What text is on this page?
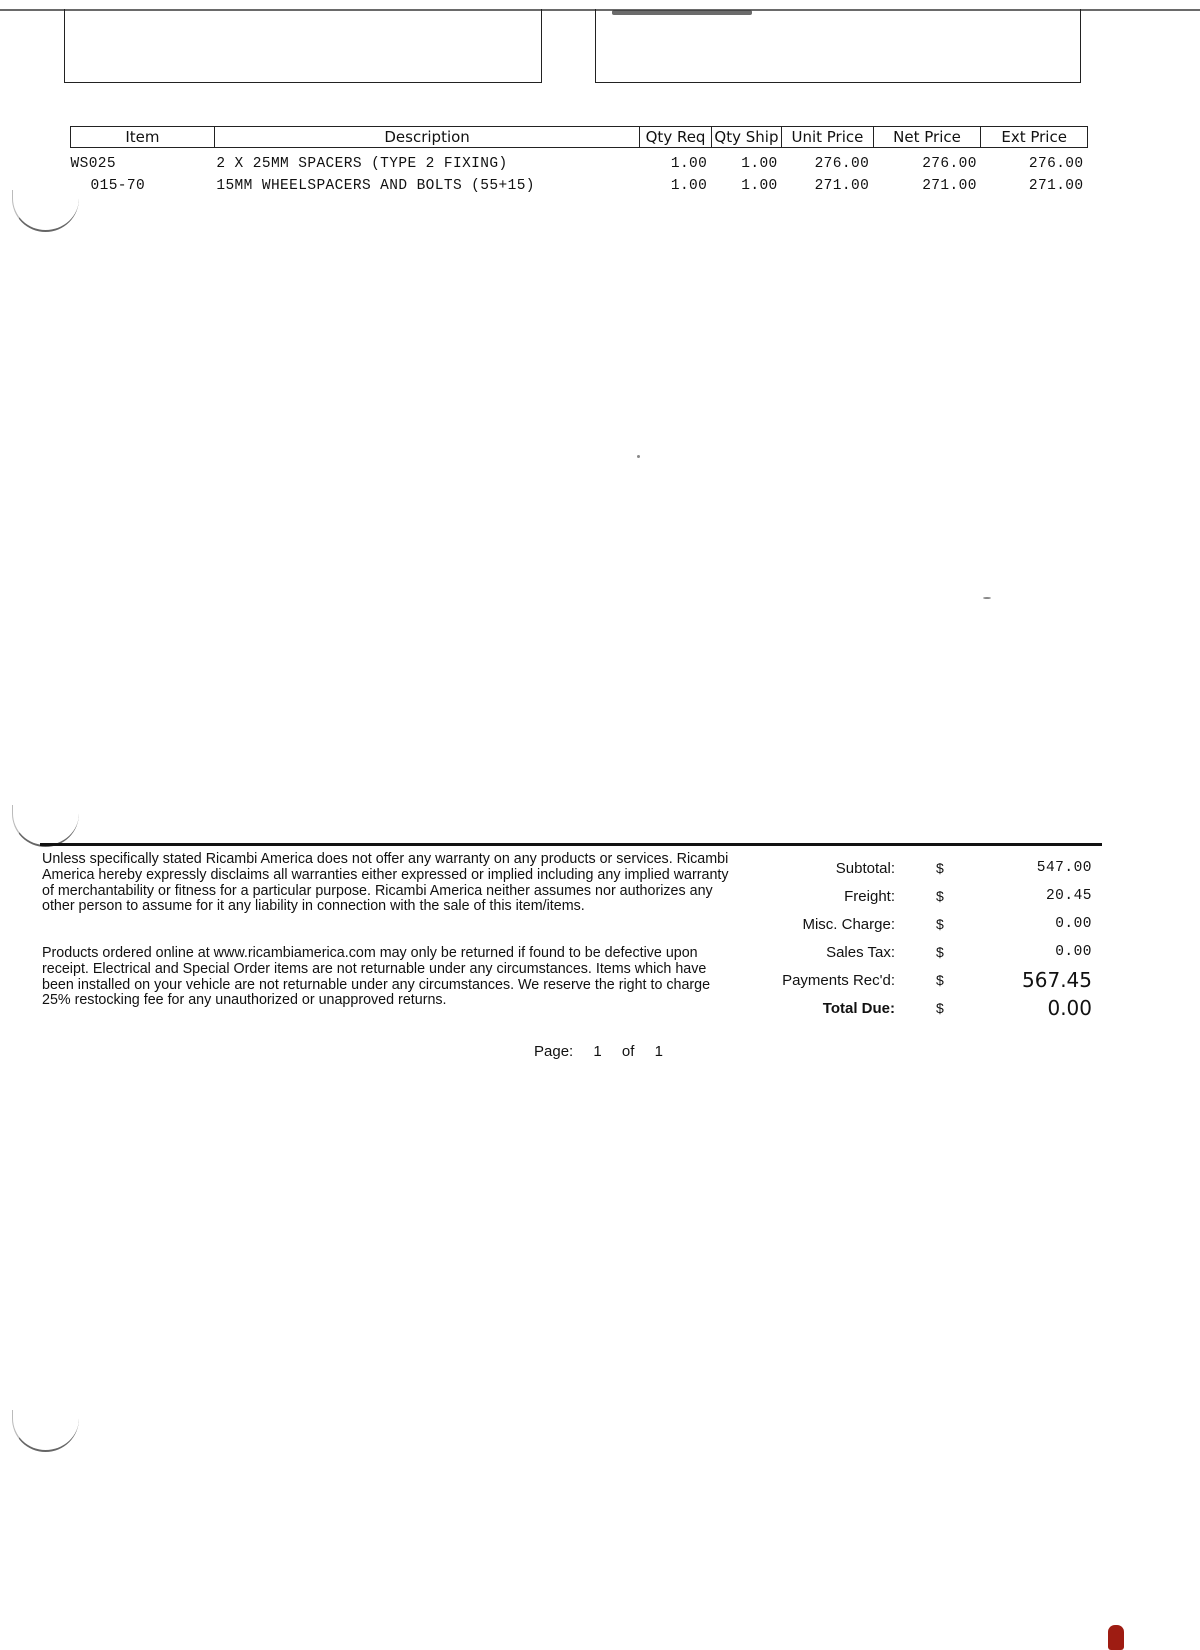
Item	Description	Qty Req	Qty Ship	Unit Price	Net Price	Ext Price
WS025	2 X 25MM SPACERS (TYPE 2 FIXING)	1.00	1.00	276.00	276.00	276.00
015-70	15MM WHEELSPACERS AND BOLTS (55+15)	1.00	1.00	271.00	271.00	271.00

Unless specifically stated Ricambi America does not offer any warranty on any products or services. Ricambi America hereby expressly disclaims all warranties either expressed or implied including any implied warranty of merchantability or fitness for a particular purpose. Ricambi America neither assumes nor authorizes any other person to assume for it any liability in connection with the sale of this item/items.

Products ordered online at www.ricambiamerica.com may only be returned if found to be defective upon receipt. Electrical and Special Order items are not returnable under any circumstances. Items which have been installed on your vehicle are not returnable under any circumstances. We reserve the right to charge 25% restocking fee for any unauthorized or unapproved returns.

Subtotal:	$	547.00
Freight:	$	20.45
Misc. Charge:	$	0.00
Sales Tax:	$	0.00
Payments Rec'd:	$	567.45
Total Due:	$	0.00
Page: 1 of 1
